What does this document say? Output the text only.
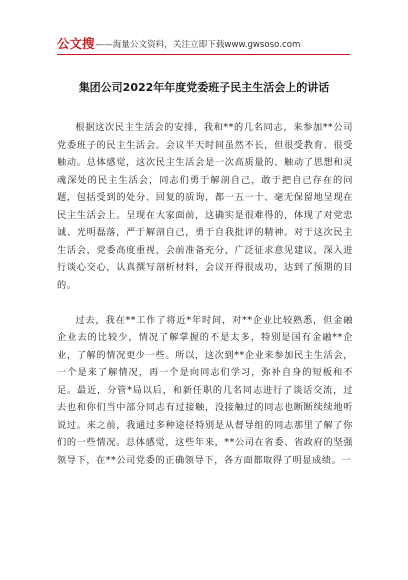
公文搜 ——海量公文资料，关注立即下载www.gwsoso.com
集团公司2022年年度党委班子民主生活会上的讲话

根据这次民主生活会的安排，我和**的几名同志，来参加**公司党委班子的民主生活会。会议半天时间虽然不长，但很受教育、很受触动。总体感觉，这次民主生活会是一次高质量的、触动了思想和灵魂深处的民主生活会，同志们勇于解剖自己，敢于把自己存在的问题，包括受到的处分、回复的质询，都一五一十、毫无保留地呈现在民主生活会上。呈现在大家面前，这确实是很难得的，体现了对党忠诚、光明磊落，严于解剖自己，勇于自我批评的精神。对于这次民主生活会，党委高度重视，会前准备充分，广泛征求意见建议，深入进行谈心交心，认真撰写剖析材料，会议开得很成功，达到了预期的目的。

过去，我在**工作了将近*年时间，对**企业比较熟悉，但金融企业去的比较少，情况了解掌握的不是太多，特别是国有金融**企业，了解的情况更少一些。所以，这次到**企业来参加民主生活会，一个是来了解情况，再一个是向同志们学习，弥补自身的短板和不足。最近，分管*局以后，和新任职的几名同志进行了谈话交流，过去也和你们当中部分同志有过接触，没接触过的同志也断断续续地听说过。来之前，我通过多种途径特别是从督导组的同志那里了解了你们的一些情况。总体感觉，这些年来，**公司在省委、省政府的坚强领导下，在**公司党委的正确领导下，各方面都取得了明显成绩。一
